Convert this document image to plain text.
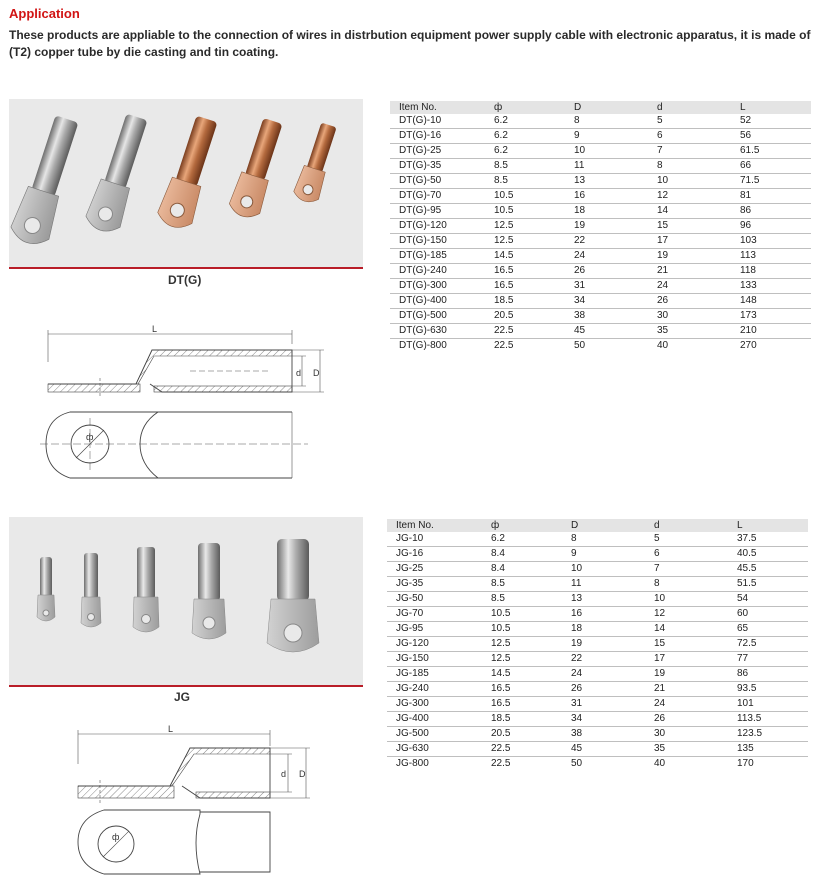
Application
These products are appliable to the connection of wires in distrbution equipment power supply cable with electronic apparatus, it is made of (T2) copper tube by die casting and tin coating.
DT(G)
Item No.	ф	D	d	L
DT(G)-10	6.2	8	5	52
DT(G)-16	6.2	9	6	56
DT(G)-25	6.2	10	7	61.5
DT(G)-35	8.5	11	8	66
DT(G)-50	8.5	13	10	71.5
DT(G)-70	10.5	16	12	81
DT(G)-95	10.5	18	14	86
DT(G)-120	12.5	19	15	96
DT(G)-150	12.5	22	17	103
DT(G)-185	14.5	24	19	113
DT(G)-240	16.5	26	21	118
DT(G)-300	16.5	31	24	133
DT(G)-400	18.5	34	26	148
DT(G)-500	20.5	38	30	173
DT(G)-630	22.5	45	35	210
DT(G)-800	22.5	50	40	270
L
d D
ф
JG
Item No.	ф	D	d	L
JG-10	6.2	8	5	37.5
JG-16	8.4	9	6	40.5
JG-25	8.4	10	7	45.5
JG-35	8.5	11	8	51.5
JG-50	8.5	13	10	54
JG-70	10.5	16	12	60
JG-95	10.5	18	14	65
JG-120	12.5	19	15	72.5
JG-150	12.5	22	17	77
JG-185	14.5	24	19	86
JG-240	16.5	26	21	93.5
JG-300	16.5	31	24	101
JG-400	18.5	34	26	113.5
JG-500	20.5	38	30	123.5
JG-630	22.5	45	35	135
JG-800	22.5	50	40	170
L
d D
ф
